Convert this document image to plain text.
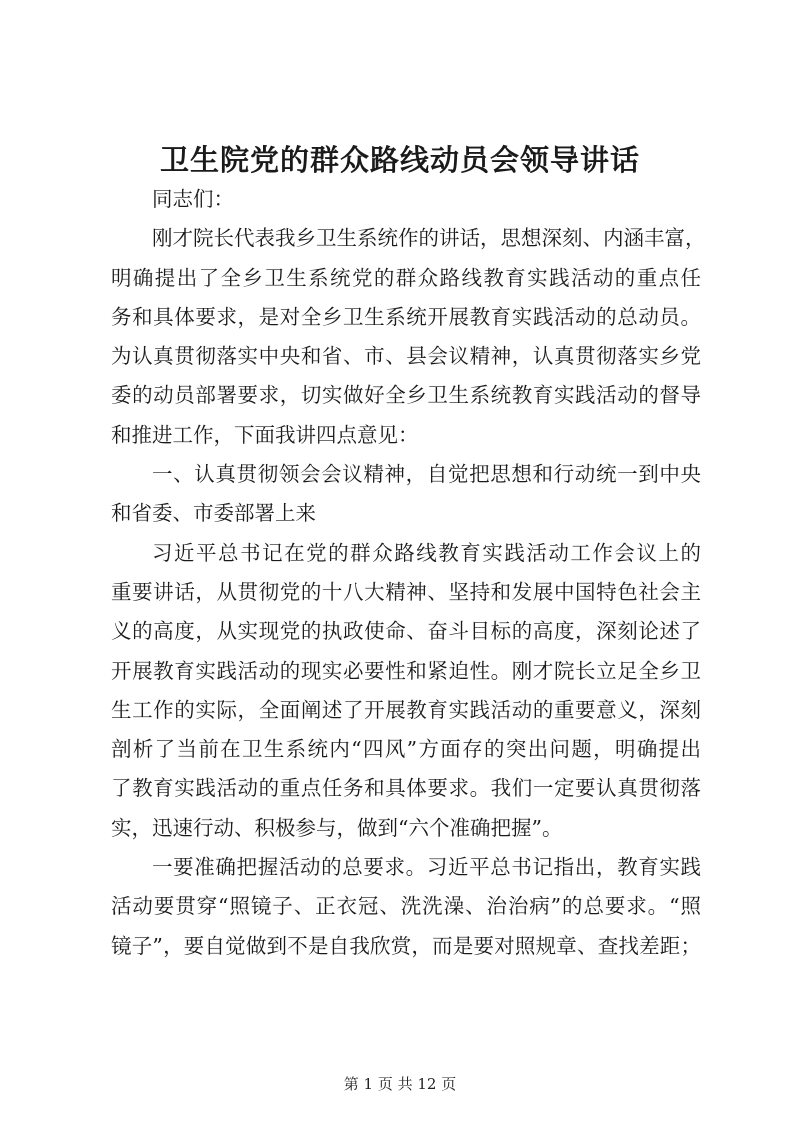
卫生院党的群众路线动员会领导讲话
同志们：
刚才院长代表我乡卫生系统作的讲话，思想深刻、内涵丰富，
明确提出了全乡卫生系统党的群众路线教育实践活动的重点任
务和具体要求，是对全乡卫生系统开展教育实践活动的总动员。
为认真贯彻落实中央和省、市、县会议精神，认真贯彻落实乡党
委的动员部署要求，切实做好全乡卫生系统教育实践活动的督导
和推进工作，下面我讲四点意见：
一、认真贯彻领会会议精神，自觉把思想和行动统一到中央
和省委、市委部署上来
习近平总书记在党的群众路线教育实践活动工作会议上的
重要讲话，从贯彻党的十八大精神、坚持和发展中国特色社会主
义的高度，从实现党的执政使命、奋斗目标的高度，深刻论述了
开展教育实践活动的现实必要性和紧迫性。刚才院长立足全乡卫
生工作的实际，全面阐述了开展教育实践活动的重要意义，深刻
剖析了当前在卫生系统内“四风”方面存的突出问题，明确提出
了教育实践活动的重点任务和具体要求。我们一定要认真贯彻落
实，迅速行动、积极参与，做到“六个准确把握”。
一要准确把握活动的总要求。习近平总书记指出，教育实践
活动要贯穿“照镜子、正衣冠、洗洗澡、治治病”的总要求。“照
镜子”，要自觉做到不是自我欣赏，而是要对照规章、查找差距；
第 1 页 共 12 页
